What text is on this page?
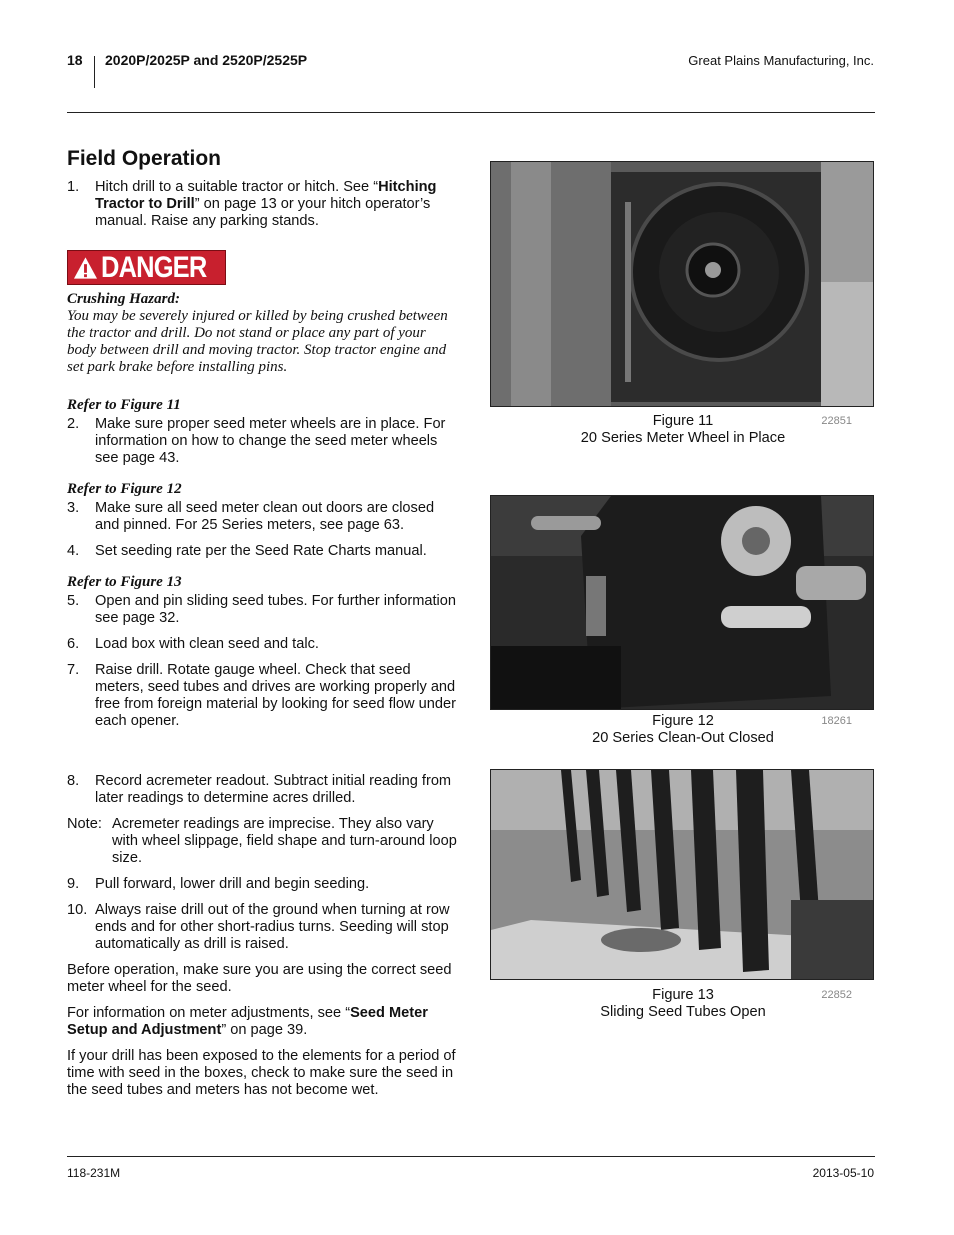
18 2020P/2025P and 2520P/2525P	Great Plains Manufacturing, Inc.
Field Operation
1. Hitch drill to a suitable tractor or hitch. See “Hitching Tractor to Drill” on page 13 or your hitch operator’s manual. Raise any parking stands.
DANGER
Crushing Hazard:
You may be severely injured or killed by being crushed between the tractor and drill. Do not stand or place any part of your body between drill and moving tractor. Stop tractor engine and set park brake before installing pins.
Refer to Figure 11
2. Make sure proper seed meter wheels are in place. For information on how to change the seed meter wheels see page 43.
Refer to Figure 12
3. Make sure all seed meter clean out doors are closed and pinned. For 25 Series meters, see page 63.
4. Set seeding rate per the Seed Rate Charts manual.
Refer to Figure 13
5. Open and pin sliding seed tubes. For further information see page 32.
6. Load box with clean seed and talc.
7. Raise drill. Rotate gauge wheel. Check that seed meters, seed tubes and drives are working properly and free from foreign material by looking for seed flow under each opener.
8. Record acremeter readout. Subtract initial reading from later readings to determine acres drilled.
Note: Acremeter readings are imprecise. They also vary with wheel slippage, field shape and turn-around loop size.
9. Pull forward, lower drill and begin seeding.
10. Always raise drill out of the ground when turning at row ends and for other short-radius turns. Seeding will stop automatically as drill is raised.
Before operation, make sure you are using the correct seed meter wheel for the seed.
For information on meter adjustments, see “Seed Meter Setup and Adjustment” on page 39.
If your drill has been exposed to the elements for a period of time with seed in the boxes, check to make sure the seed in the seed tubes and meters has not become wet.
Figure 11
20 Series Meter Wheel in Place
22851
Figure 12
20 Series Clean-Out Closed
18261
Figure 13
Sliding Seed Tubes Open
22852
118-231M	2013-05-10
